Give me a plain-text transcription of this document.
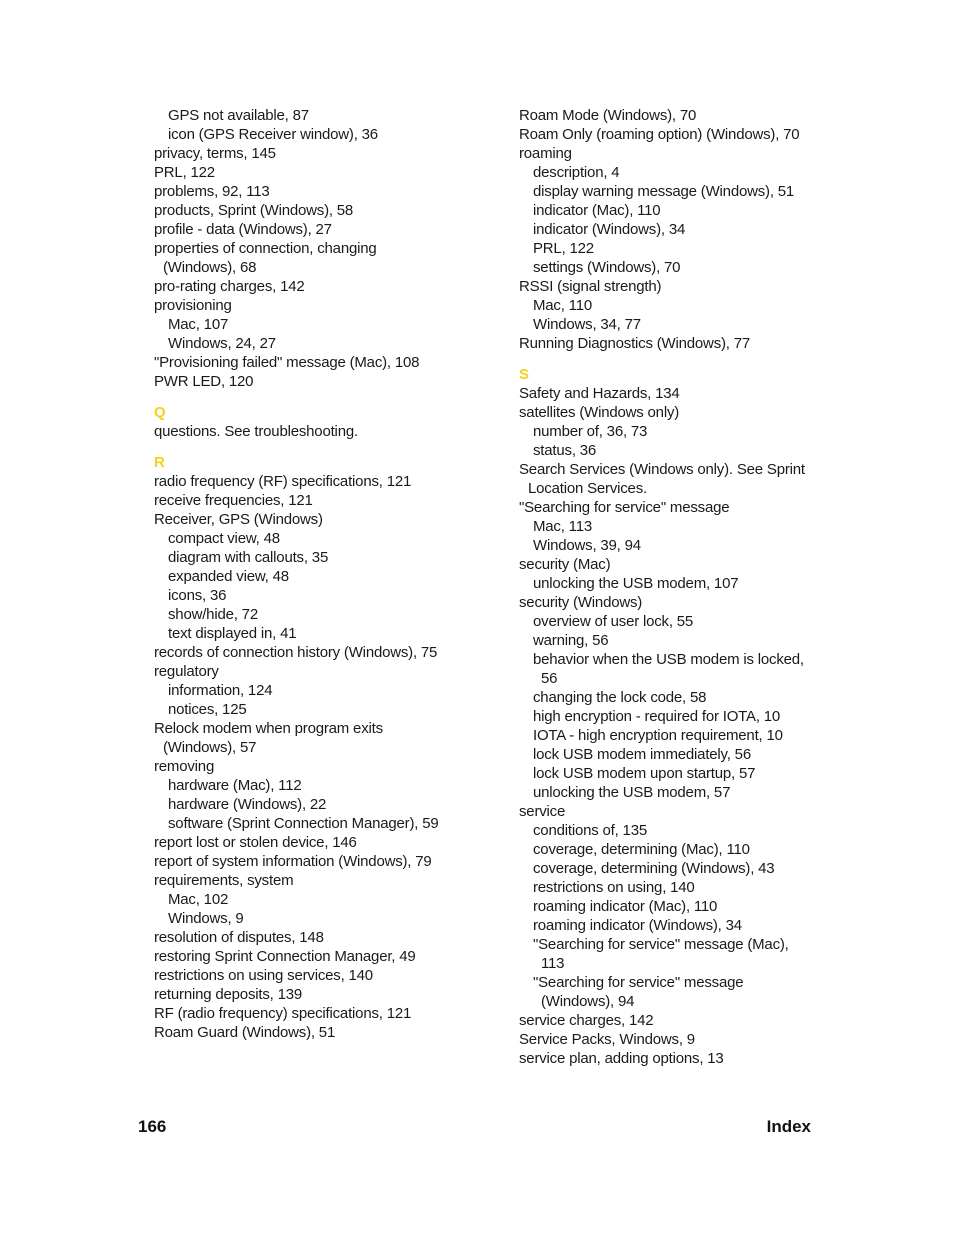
GPS not available, 87
icon (GPS Receiver window), 36
privacy, terms, 145
PRL, 122
problems, 92, 113
products, Sprint (Windows), 58
profile - data (Windows), 27
properties of connection, changing
(Windows), 68
pro-rating charges, 142
provisioning
Mac, 107
Windows, 24, 27
"Provisioning failed" message (Mac), 108
PWR LED, 120
Q
questions. See troubleshooting.
R
radio frequency (RF) specifications, 121
receive frequencies, 121
Receiver, GPS (Windows)
compact view, 48
diagram with callouts, 35
expanded view, 48
icons, 36
show/hide, 72
text displayed in, 41
records of connection history (Windows), 75
regulatory
information, 124
notices, 125
Relock modem when program exits
(Windows), 57
removing
hardware (Mac), 112
hardware (Windows), 22
software (Sprint Connection Manager), 59
report lost or stolen device, 146
report of system information (Windows), 79
requirements, system
Mac, 102
Windows, 9
resolution of disputes, 148
restoring Sprint Connection Manager, 49
restrictions on using services, 140
returning deposits, 139
RF (radio frequency) specifications, 121
Roam Guard (Windows), 51
Roam Mode (Windows), 70
Roam Only (roaming option) (Windows), 70
roaming
description, 4
display warning message (Windows), 51
indicator (Mac), 110
indicator (Windows), 34
PRL, 122
settings (Windows), 70
RSSI (signal strength)
Mac, 110
Windows, 34, 77
Running Diagnostics (Windows), 77
S
Safety and Hazards, 134
satellites (Windows only)
number of, 36, 73
status, 36
Search Services (Windows only). See Sprint
Location Services.
"Searching for service" message
Mac, 113
Windows, 39, 94
security (Mac)
unlocking the USB modem, 107
security (Windows)
overview of user lock, 55
warning, 56
behavior when the USB modem is locked,
56
changing the lock code, 58
high encryption - required for IOTA, 10
IOTA - high encryption requirement, 10
lock USB modem immediately, 56
lock USB modem upon startup, 57
unlocking the USB modem, 57
service
conditions of, 135
coverage, determining (Mac), 110
coverage, determining (Windows), 43
restrictions on using, 140
roaming indicator (Mac), 110
roaming indicator (Windows), 34
"Searching for service" message (Mac),
113
"Searching for service" message
(Windows), 94
service charges, 142
Service Packs, Windows, 9
service plan, adding options, 13
166	Index
